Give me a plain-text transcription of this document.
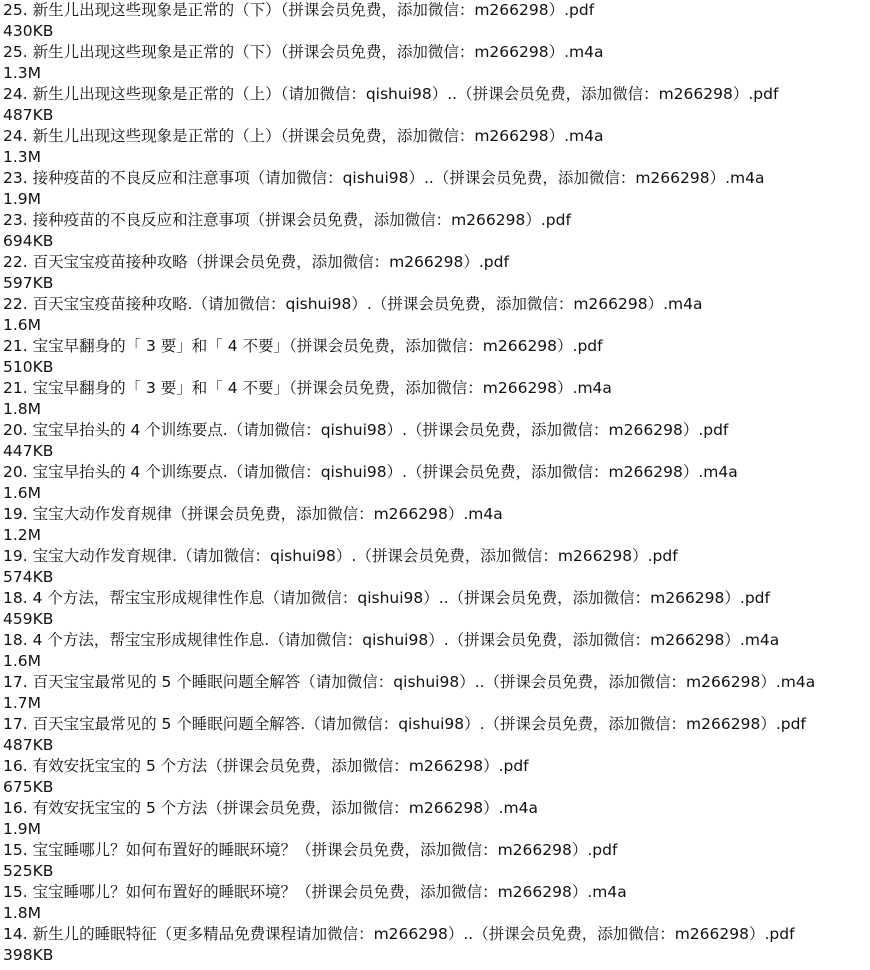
25. 新生儿出现这些现象是正常的（下）（拼课会员免费，添加微信：m266298）.pdf
430KB
25. 新生儿出现这些现象是正常的（下）（拼课会员免费，添加微信：m266298）.m4a
1.3M
24. 新生儿出现这些现象是正常的（上）（请加微信：qishui98）..（拼课会员免费，添加微信：m266298）.pdf
487KB
24. 新生儿出现这些现象是正常的（上）（拼课会员免费，添加微信：m266298）.m4a
1.3M
23. 接种疫苗的不良反应和注意事项（请加微信：qishui98）..（拼课会员免费，添加微信：m266298）.m4a
1.9M
23. 接种疫苗的不良反应和注意事项（拼课会员免费，添加微信：m266298）.pdf
694KB
22. 百天宝宝疫苗接种攻略（拼课会员免费，添加微信：m266298）.pdf
597KB
22. 百天宝宝疫苗接种攻略.（请加微信：qishui98）.（拼课会员免费，添加微信：m266298）.m4a
1.6M
21. 宝宝早翻身的「 3 要」和「 4 不要」（拼课会员免费，添加微信：m266298）.pdf
510KB
21. 宝宝早翻身的「 3 要」和「 4 不要」（拼课会员免费，添加微信：m266298）.m4a
1.8M
20. 宝宝早抬头的 4 个训练要点.（请加微信：qishui98）.（拼课会员免费，添加微信：m266298）.pdf
447KB
20. 宝宝早抬头的 4 个训练要点.（请加微信：qishui98）.（拼课会员免费，添加微信：m266298）.m4a
1.6M
19. 宝宝大动作发育规律（拼课会员免费，添加微信：m266298）.m4a
1.2M
19. 宝宝大动作发育规律.（请加微信：qishui98）.（拼课会员免费，添加微信：m266298）.pdf
574KB
18. 4 个方法，帮宝宝形成规律性作息（请加微信：qishui98）..（拼课会员免费，添加微信：m266298）.pdf
459KB
18. 4 个方法，帮宝宝形成规律性作息.（请加微信：qishui98）.（拼课会员免费，添加微信：m266298）.m4a
1.6M
17. 百天宝宝最常见的 5 个睡眠问题全解答（请加微信：qishui98）..（拼课会员免费，添加微信：m266298）.m4a
1.7M
17. 百天宝宝最常见的 5 个睡眠问题全解答.（请加微信：qishui98）.（拼课会员免费，添加微信：m266298）.pdf
487KB
16. 有效安抚宝宝的 5 个方法（拼课会员免费，添加微信：m266298）.pdf
675KB
16. 有效安抚宝宝的 5 个方法（拼课会员免费，添加微信：m266298）.m4a
1.9M
15. 宝宝睡哪儿？如何布置好的睡眠环境？（拼课会员免费，添加微信：m266298）.pdf
525KB
15. 宝宝睡哪儿？如何布置好的睡眠环境？（拼课会员免费，添加微信：m266298）.m4a
1.8M
14. 新生儿的睡眠特征（更多精品免费课程请加微信：m266298）..（拼课会员免费，添加微信：m266298）.pdf
398KB
